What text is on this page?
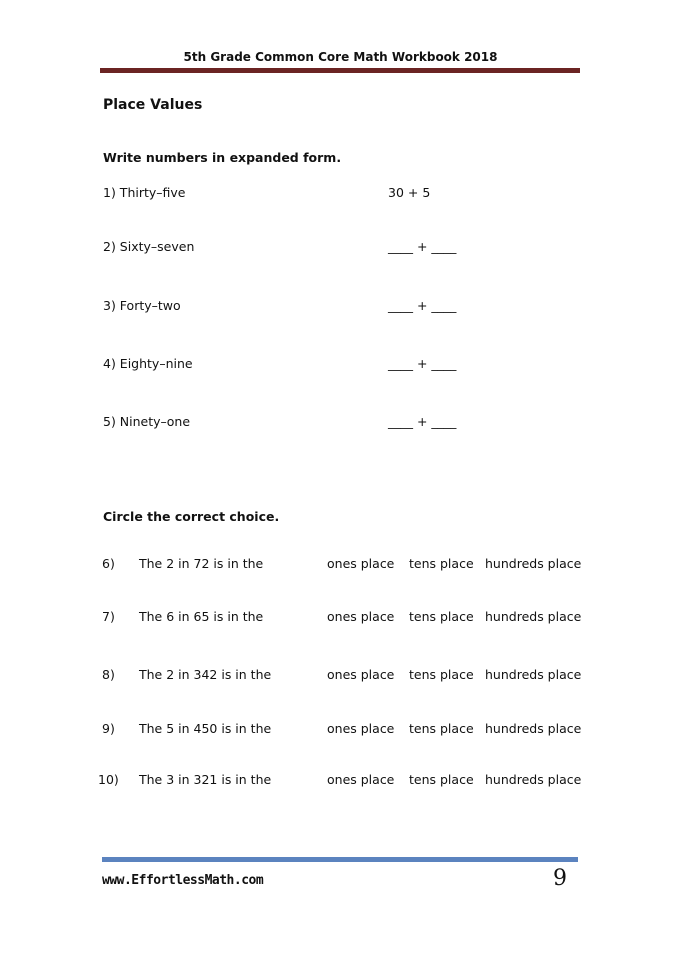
5th Grade Common Core Math Workbook 2018
Place Values
Write numbers in expanded form.
1) Thirty–five	30 + 5
2) Sixty–seven	____ + ____
3) Forty–two	____ + ____
4) Eighty–nine	____ + ____
5) Ninety–one	____ + ____
Circle the correct choice.
6) The 2 in 72 is in the	ones place tens place hundreds place
7) The 6 in 65 is in the	ones place tens place hundreds place
8) The 2 in 342 is in the	ones place tens place hundreds place
9) The 5 in 450 is in the	ones place tens place hundreds place
10) The 3 in 321 is in the	ones place tens place hundreds place
www.EffortlessMath.com	9
